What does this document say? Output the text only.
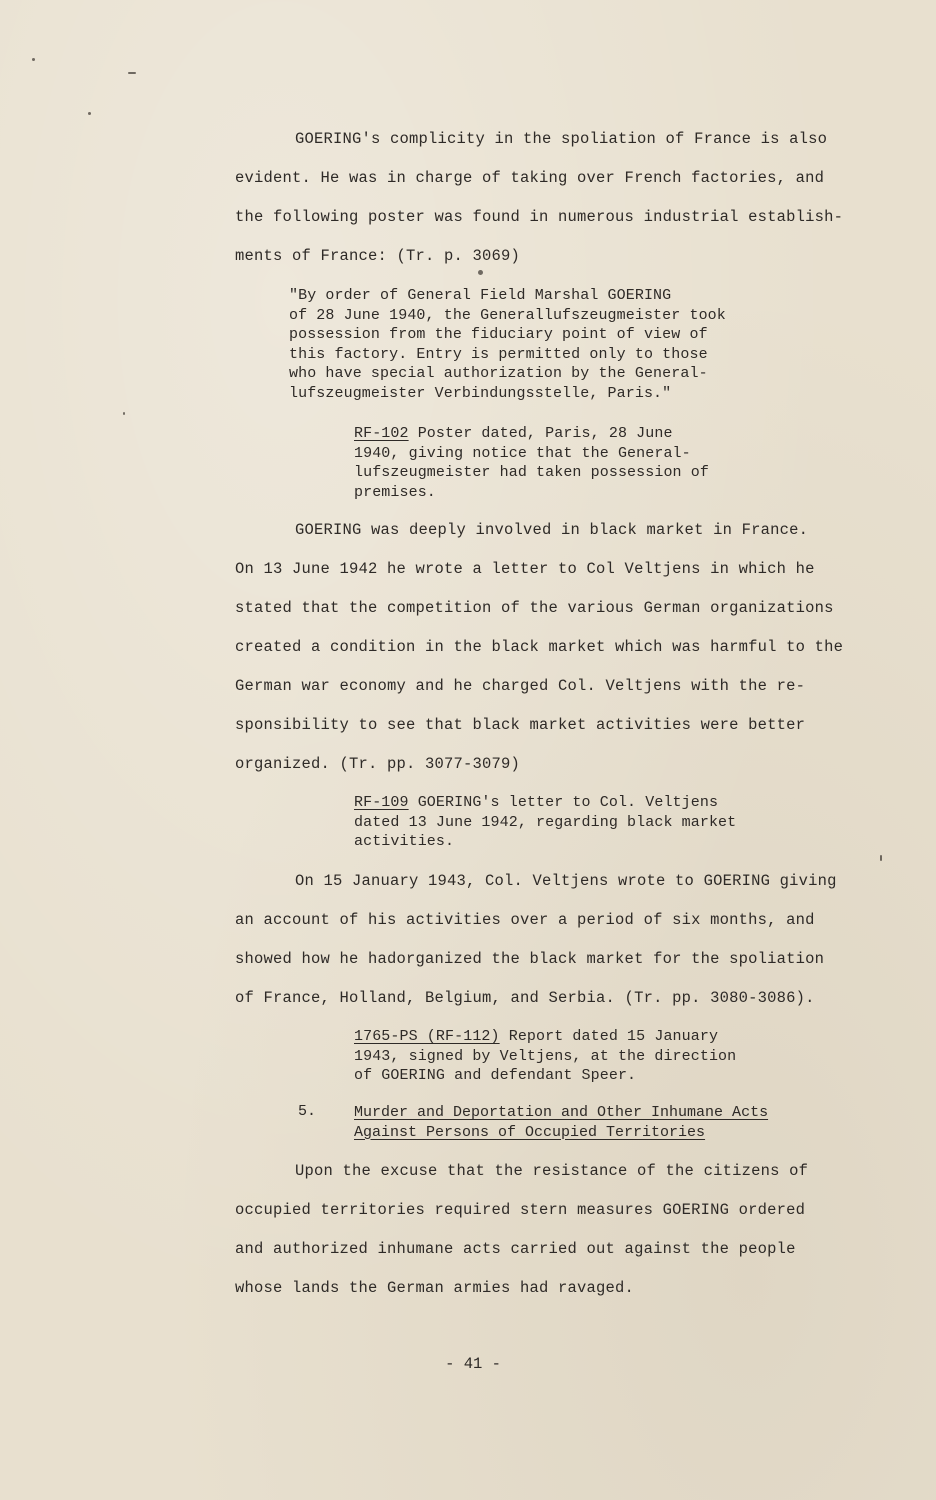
GOERING's complicity in the spoliation of France is also
evident. He was in charge of taking over French factories, and
the following poster was found in numerous industrial establish-
ments of France: (Tr. p. 3069)
"By order of General Field Marshal GOERING
of 28 June 1940, the Generallufszeugmeister took
possession from the fiduciary point of view of
this factory. Entry is permitted only to those
who have special authorization by the General-
lufszeugmeister Verbindungsstelle, Paris."
RF-102 Poster dated, Paris, 28 June
1940, giving notice that the General-
lufszeugmeister had taken possession of
premises.
GOERING was deeply involved in black market in France.
On 13 June 1942 he wrote a letter to Col Veltjens in which he
stated that the competition of the various German organizations
created a condition in the black market which was harmful to the
German war economy and he charged Col. Veltjens with the re-
sponsibility to see that black market activities were better
organized. (Tr. pp. 3077-3079)
RF-109 GOERING's letter to Col. Veltjens
dated 13 June 1942, regarding black market
activities.
On 15 January 1943, Col. Veltjens wrote to GOERING giving
an account of his activities over a period of six months, and
showed how he hadorganized the black market for the spoliation
of France, Holland, Belgium, and Serbia. (Tr. pp. 3080-3086).
1765-PS (RF-112) Report dated 15 January
1943, signed by Veltjens, at the direction
of GOERING and defendant Speer.
5.	Murder and Deportation and Other Inhumane Acts
Against Persons of Occupied Territories
Upon the excuse that the resistance of the citizens of
occupied territories required stern measures GOERING ordered
and authorized inhumane acts carried out against the people
whose lands the German armies had ravaged.
- 41 -
